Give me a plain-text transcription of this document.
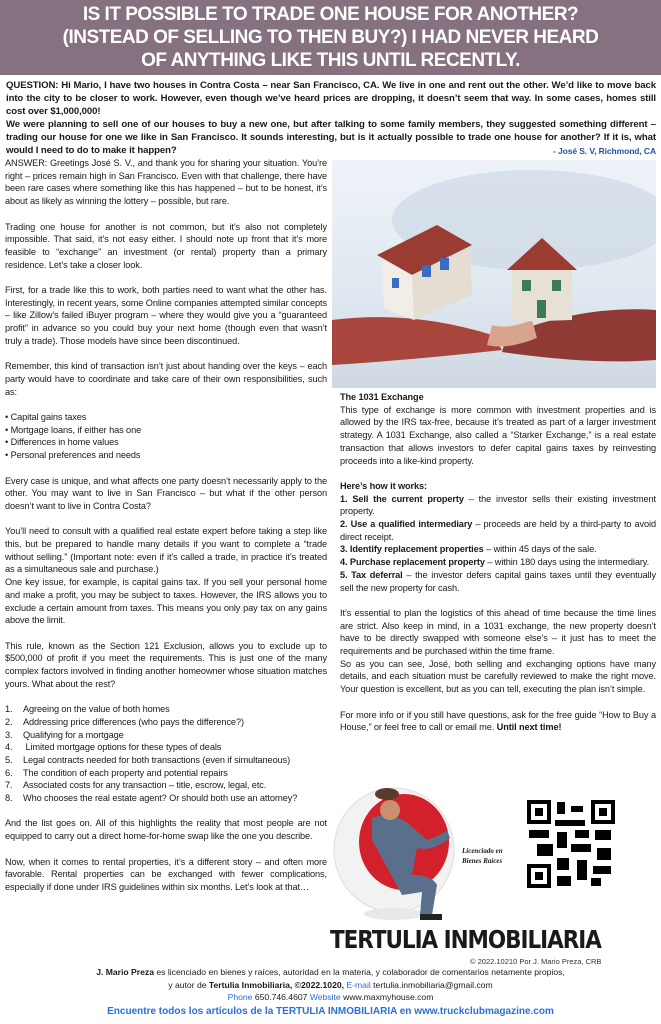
IS IT POSSIBLE TO TRADE ONE HOUSE FOR ANOTHER?
(INSTEAD OF SELLING TO THEN BUY?) I HAD NEVER HEARD
OF ANYTHING LIKE THIS UNTIL RECENTLY.
QUESTION: Hi Mario, I have two houses in Contra Costa – near San Francisco, CA. We live in one and rent out the other. We’d like to move back into the city to be closer to work. However, even though we’ve heard prices are dropping, it doesn’t seem that way. In some cases, homes still cost over $1,000,000!
We were planning to sell one of our houses to buy a new one, but after talking to some family members, they suggested something different – trading our house for one we like in San Francisco. It sounds interesting, but is it actually possible to trade one house for another? If it is, what would I need to do to make it happen?	- José S. V, Richmond, CA

ANSWER: Greetings José S. V., and thank you for sharing your situation. You’re right – prices remain high in San Francisco. Even with that challenge, there have been rare cases where something like this has happened – but to be honest, it’s about as likely as winning the lottery – possible, but rare.

Trading one house for another is not common, but it’s also not completely impossible. That said, it’s not easy either. I should note up front that it’s more feasible to “exchange” an investment (or rental) property than a primary residence. Let’s take a closer look.

First, for a trade like this to work, both parties need to want what the other has. Interestingly, in recent years, some Online companies attempted similar concepts – like Zillow’s failed iBuyer program – where they would give you a “guaranteed profit” in advance so you could buy your next home (though even that wasn’t truly a trade). Those models have since been discontinued.

Remember, this kind of transaction isn’t just about handing over the keys – each party would have to coordinate and take care of their own responsibilities, such as:

• Capital gains taxes
• Mortgage loans, if either has one
• Differences in home values
• Personal preferences and needs

Every case is unique, and what affects one party doesn’t necessarily apply to the other. You may want to live in San Francisco – but what if the other person doesn’t want to live in Contra Costa?

You’ll need to consult with a qualified real estate expert before taking a step like this, but be prepared to handle many details if you want to complete a “trade without selling.” (Important note: even if it’s called a trade, in practice it’s treated as a simultaneous sale and purchase.)

One key issue, for example, is capital gains tax. If you sell your personal home and make a profit, you may be subject to taxes. However, the IRS allows you to exclude a certain amount from taxes. This means you only pay tax on any gains above the limit.

This rule, known as the Section 121 Exclusion, allows you to exclude up to $500,000 of profit if you meet the requirements. This is just one of the many complex factors involved in finding another homeowner whose situation matches yours. What about the rest?

1. Agreeing on the value of both homes
2. Addressing price differences (who pays the difference?)
3. Qualifying for a mortgage
4. Limited mortgage options for these types of deals
5. Legal contracts needed for both transactions (even if simultaneous)
6. The condition of each property and potential repairs
7. Associated costs for any transaction – title, escrow, legal, etc.
8. Who chooses the real estate agent? Or should both use an attorney?

And the list goes on. All of this highlights the reality that most people are not equipped to carry out a direct home-for-home swap like the one you describe.

Now, when it comes to rental properties, it’s a different story – and often more favorable. Rental properties can be exchanged with fewer complications, especially if done under IRS guidelines within six months. Let’s look at that…

The 1031 Exchange

This type of exchange is more common with investment properties and is allowed by the IRS tax-free, because it’s treated as part of a larger investment strategy. A 1031 Exchange, also called a “Starker Exchange,” is a real estate transaction that allows investors to defer capital gains taxes by reinvesting proceeds into a like-kind property.

Here’s how it works:
1. Sell the current property – the investor sells their existing investment property.
2. Use a qualified intermediary – proceeds are held by a third-party to avoid direct receipt.
3. Identify replacement properties – within 45 days of the sale.
4. Purchase replacement property – within 180 days using the intermediary.
5. Tax deferral – the investor defers capital gains taxes until they eventually sell the new property for cash.

It’s essential to plan the logistics of this ahead of time because the time lines are strict. Also keep in mind, in a 1031 exchange, the new property doesn’t have to be directly swapped with someone else’s – it just has to meet the requirements and be purchased within the time frame.

So as you can see, José, both selling and exchanging options have many details, and each situation must be carefully reviewed to make the right move. Your question is excellent, but as you can tell, executing the plan isn’t simple.

For more info or if you still have questions, ask for the free guide “How to Buy a House,” or feel free to call or email me. Until next time!

Licenciado en
Bienes Raíces
TERTULIA INMOBILIARIA
© 2022.10210 Por J. Mario Preza, CRB
J. Mario Preza es licenciado en bienes y raíces, autoridad en la materia, y colaborador de comentarios netamente propios,
y autor de Tertulia Inmobiliaria, ©2022.1020, E-mail tertulia.inmobiliaria@gmail.com
Phone 650.746.4607 Website www.maxmyhouse.com
Encuentre todos los artículos de la TERTULIA INMOBILIARIA en www.truckclubmagazine.com
